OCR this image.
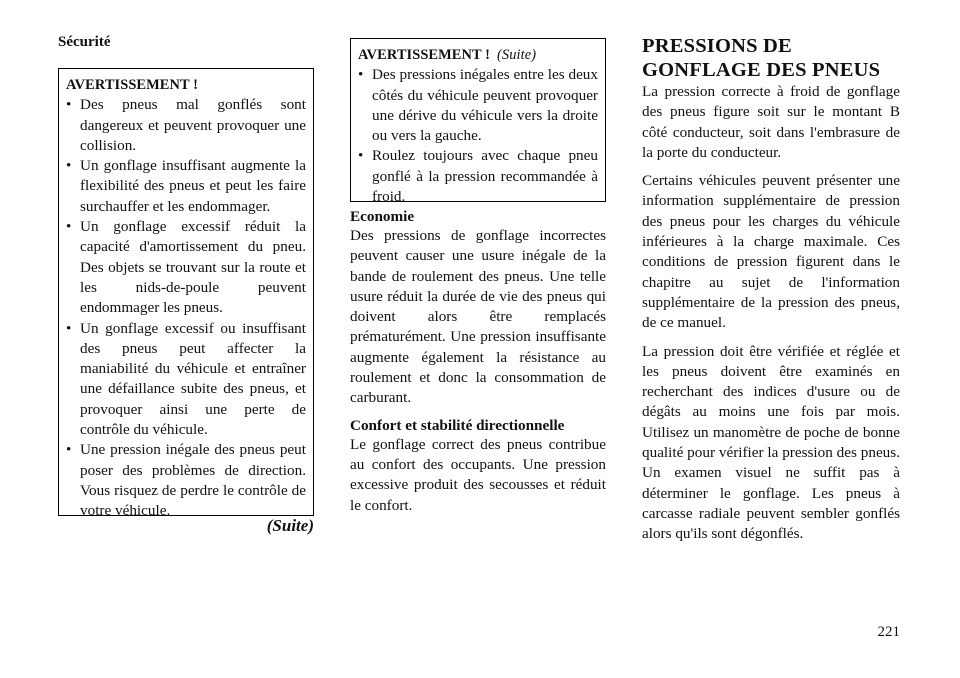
Sécurité
AVERTISSEMENT !
• Des pneus mal gonflés sont dangereux et peuvent provoquer une collision.
• Un gonflage insuffisant augmente la flexibilité des pneus et peut les faire surchauffer et les endommager.
• Un gonflage excessif réduit la capacité d'amortissement du pneu. Des objets se trouvant sur la route et les nids-de-poule peuvent endommager les pneus.
• Un gonflage excessif ou insuffisant des pneus peut affecter la maniabilité du véhicule et entraîner une défaillance subite des pneus, et provoquer ainsi une perte de contrôle du véhicule.
• Une pression inégale des pneus peut poser des problèmes de direction. Vous risquez de perdre le contrôle de votre véhicule.
(Suite)
AVERTISSEMENT ! (Suite)
• Des pressions inégales entre les deux côtés du véhicule peuvent provoquer une dérive du véhicule vers la droite ou vers la gauche.
• Roulez toujours avec chaque pneu gonflé à la pression recommandée à froid.
Economie

Des pressions de gonflage incorrectes peuvent causer une usure inégale de la bande de roulement des pneus. Une telle usure réduit la durée de vie des pneus qui doivent alors être remplacés prématurément. Une pression insuffisante augmente également la résistance au roulement et donc la consommation de carburant.

Confort et stabilité directionnelle

Le gonflage correct des pneus contribue au confort des occupants. Une pression excessive produit des secousses et réduit le confort.

PRESSIONS DE GONFLAGE DES PNEUS

La pression correcte à froid de gonflage des pneus figure soit sur le montant B côté conducteur, soit dans l'embrasure de la porte du conducteur.

Certains véhicules peuvent présenter une information supplémentaire de pression des pneus pour les charges du véhicule inférieures à la charge maximale. Ces conditions de pression figurent dans le chapitre au sujet de l'information supplémentaire de la pression des pneus, de ce manuel.

La pression doit être vérifiée et réglée et les pneus doivent être examinés en recherchant des indices d'usure ou de dégâts au moins une fois par mois. Utilisez un manomètre de poche de bonne qualité pour vérifier la pression des pneus. Un examen visuel ne suffit pas à déterminer le gonflage. Les pneus à carcasse radiale peuvent sembler gonflés alors qu'ils sont dégonflés.

221
